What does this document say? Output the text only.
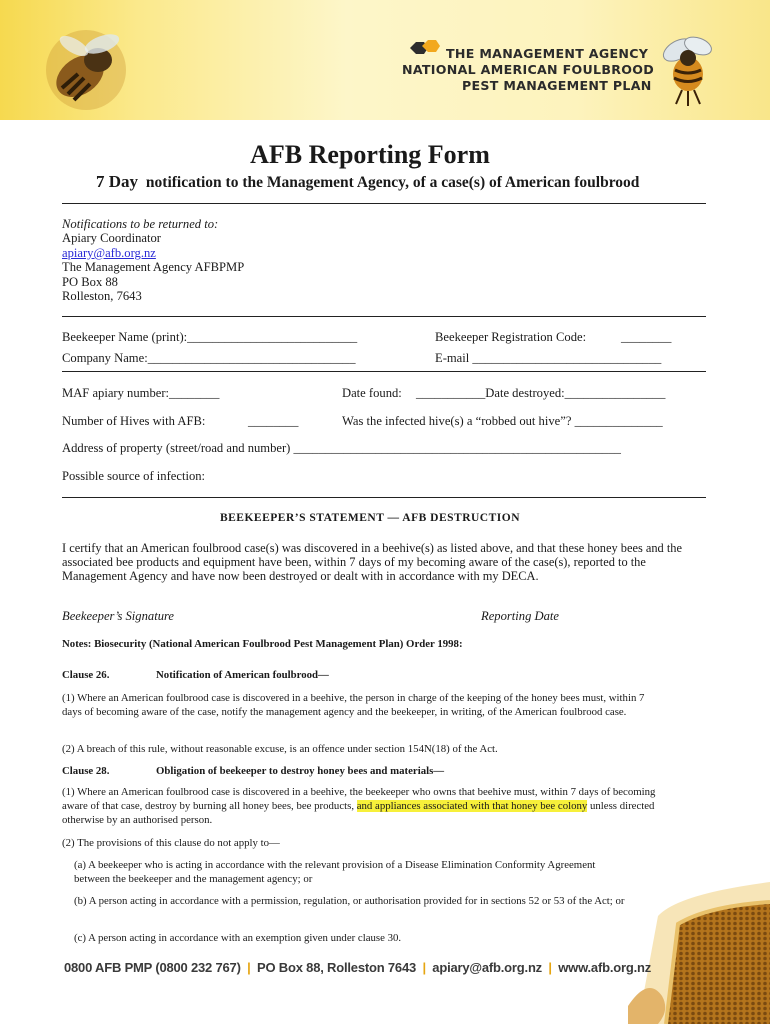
THE MANAGEMENT AGENCY
NATIONAL AMERICAN FOULBROOD
PEST MANAGEMENT PLAN
AFB Reporting Form
7 Day notification to the Management Agency, of a case(s) of American foulbrood
Notifications to be returned to:
Apiary Coordinator
apiary@afb.org.nz
The Management Agency AFBPMP
PO Box 88
Rolleston, 7643
Beekeeper Name (print):___________________________	Beekeeper Registration Code:	________
Company Name:_________________________________	E-mail ______________________________
MAF apiary number:________	Date found: ___________Date destroyed:________________
Number of Hives with AFB:	________	Was the infected hive(s) a “robbed out hive”? ______________
Address of property (street/road and number) ____________________________________________________
Possible source of infection:
BEEKEEPER’S STATEMENT — AFB DESTRUCTION
I certify that an American foulbrood case(s) was discovered in a beehive(s) as listed above, and that these honey bees and the associated bee products and equipment have been, within 7 days of my becoming aware of the case(s), reported to the Management Agency and have now been destroyed or dealt with in accordance with my DECA.
Beekeeper’s Signature	Reporting Date
Notes: Biosecurity (National American Foulbrood Pest Management Plan) Order 1998:
Clause 26.	Notification of American foulbrood—
(1) Where an American foulbrood case is discovered in a beehive, the person in charge of the keeping of the honey bees must, within 7 days of becoming aware of the case, notify the management agency and the beekeeper, in writing, of the American foulbrood case.
(2) A breach of this rule, without reasonable excuse, is an offence under section 154N(18) of the Act.
Clause 28.	Obligation of beekeeper to destroy honey bees and materials—
(1) Where an American foulbrood case is discovered in a beehive, the beekeeper who owns that beehive must, within 7 days of becoming aware of that case, destroy by burning all honey bees, bee products, and appliances associated with that honey bee colony unless directed otherwise by an authorised person.
(2) The provisions of this clause do not apply to—
(a) A beekeeper who is acting in accordance with the relevant provision of a Disease Elimination Conformity Agreement between the beekeeper and the management agency; or
(b) A person acting in accordance with a permission, regulation, or authorisation provided for in sections 52 or 53 of the Act; or
(c) A person acting in accordance with an exemption given under clause 30.
0800 AFB PMP (0800 232 767) | PO Box 88, Rolleston 7643 | apiary@afb.org.nz | www.afb.org.nz
